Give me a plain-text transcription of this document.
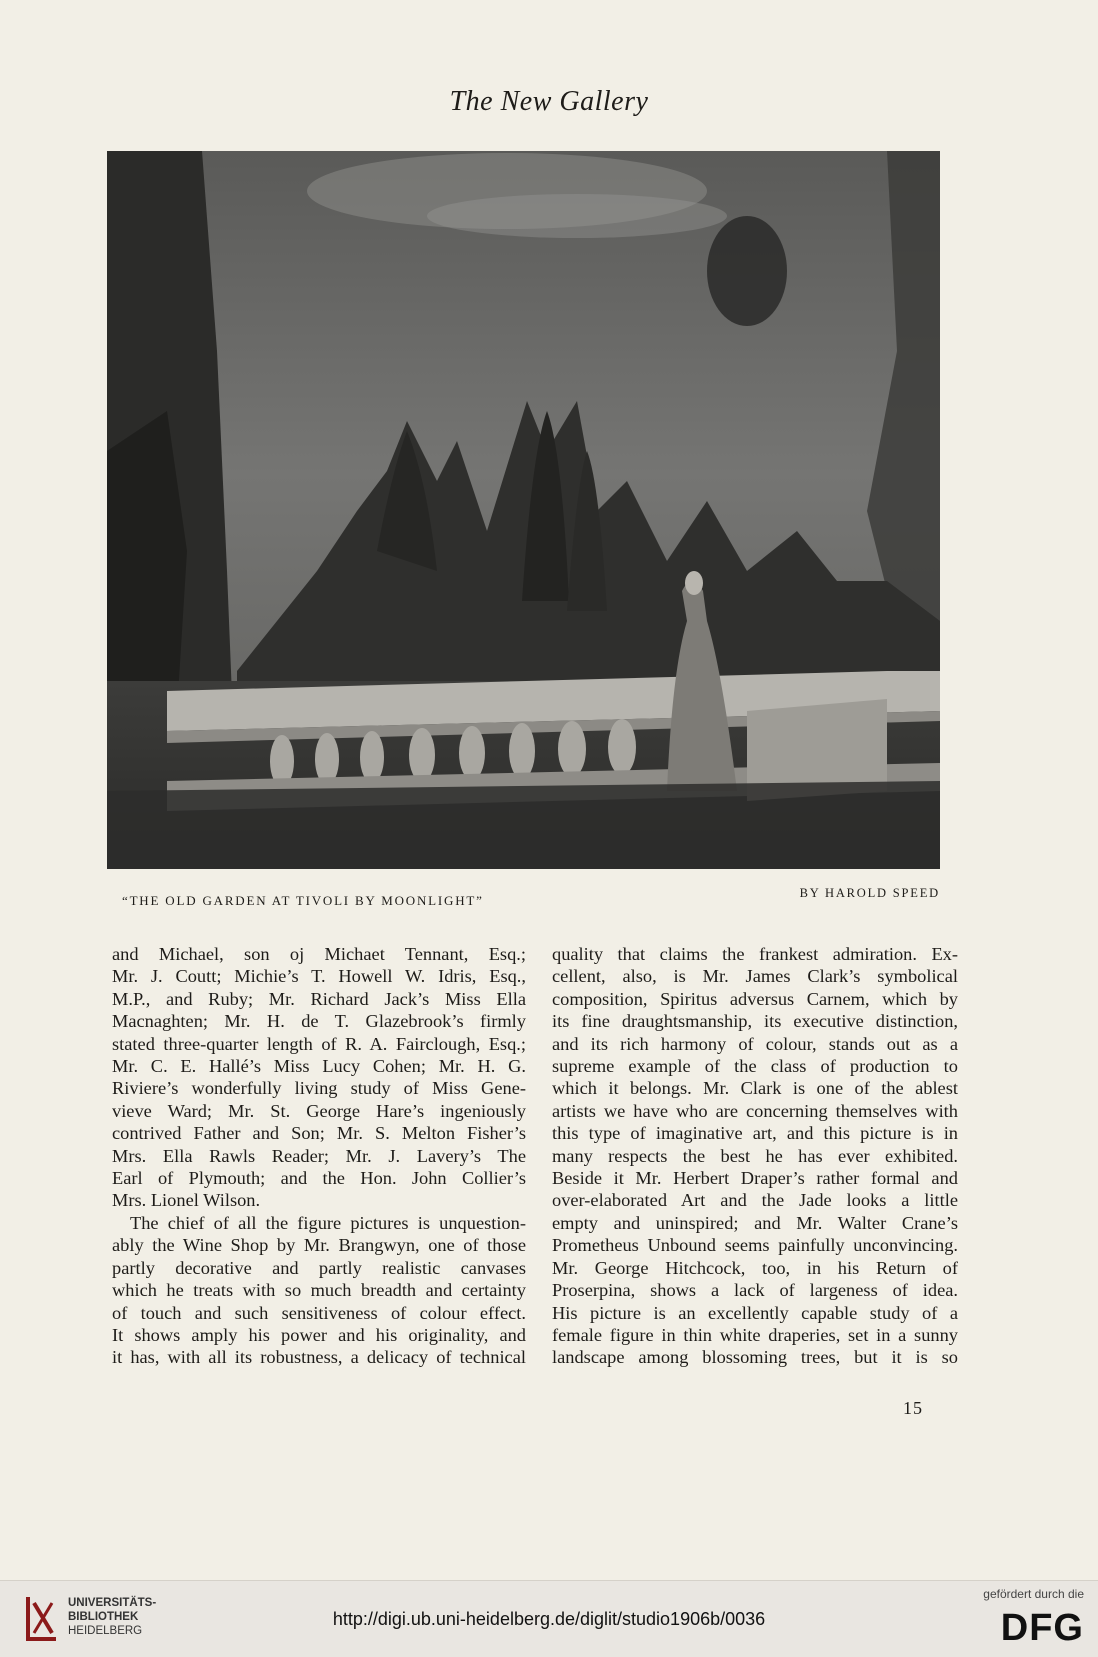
The New Gallery
“THE OLD GARDEN AT TIVOLI BY MOONLIGHT”	BY HAROLD SPEED
and Michael, son oj Michaet Tennant, Esq.;
Mr. J. Coutt; Michie’s T. Howell W. Idris, Esq.,
M.P., and Ruby; Mr. Richard Jack’s Miss Ella
Macnaghten; Mr. H. de T. Glazebrook’s firmly
stated three-quarter length of R. A. Fairclough, Esq.;
Mr. C. E. Hallé’s Miss Lucy Cohen; Mr. H. G.
Riviere’s wonderfully living study of Miss Gene-
vieve Ward; Mr. St. George Hare’s ingeniously
contrived Father and Son; Mr. S. Melton Fisher’s
Mrs. Ella Rawls Reader; Mr. J. Lavery’s The
Earl of Plymouth; and the Hon. John Collier’s
Mrs. Lionel Wilson.
The chief of all the figure pictures is unquestion-
ably the Wine Shop by Mr. Brangwyn, one of those
partly decorative and partly realistic canvases
which he treats with so much breadth and certainty
of touch and such sensitiveness of colour effect.
It shows amply his power and his originality, and
it has, with all its robustness, a delicacy of technical
quality that claims the frankest admiration. Ex-
cellent, also, is Mr. James Clark’s symbolical
composition, Spiritus adversus Carnem, which by
its fine draughtsmanship, its executive distinction,
and its rich harmony of colour, stands out as a
supreme example of the class of production to
which it belongs. Mr. Clark is one of the ablest
artists we have who are concerning themselves with
this type of imaginative art, and this picture is in
many respects the best he has ever exhibited.
Beside it Mr. Herbert Draper’s rather formal and
over-elaborated Art and the Jade looks a little
empty and uninspired; and Mr. Walter Crane’s
Prometheus Unbound seems painfully unconvincing.
Mr. George Hitchcock, too, in his Return of
Proserpina, shows a lack of largeness of idea.
His picture is an excellently capable study of a
female figure in thin white draperies, set in a sunny
landscape among blossoming trees, but it is so
15
UNIVERSITÄTS-
BIBLIOTHEK
HEIDELBERG
http://digi.ub.uni-heidelberg.de/diglit/studio1906b/0036
gefördert durch die
DFG
